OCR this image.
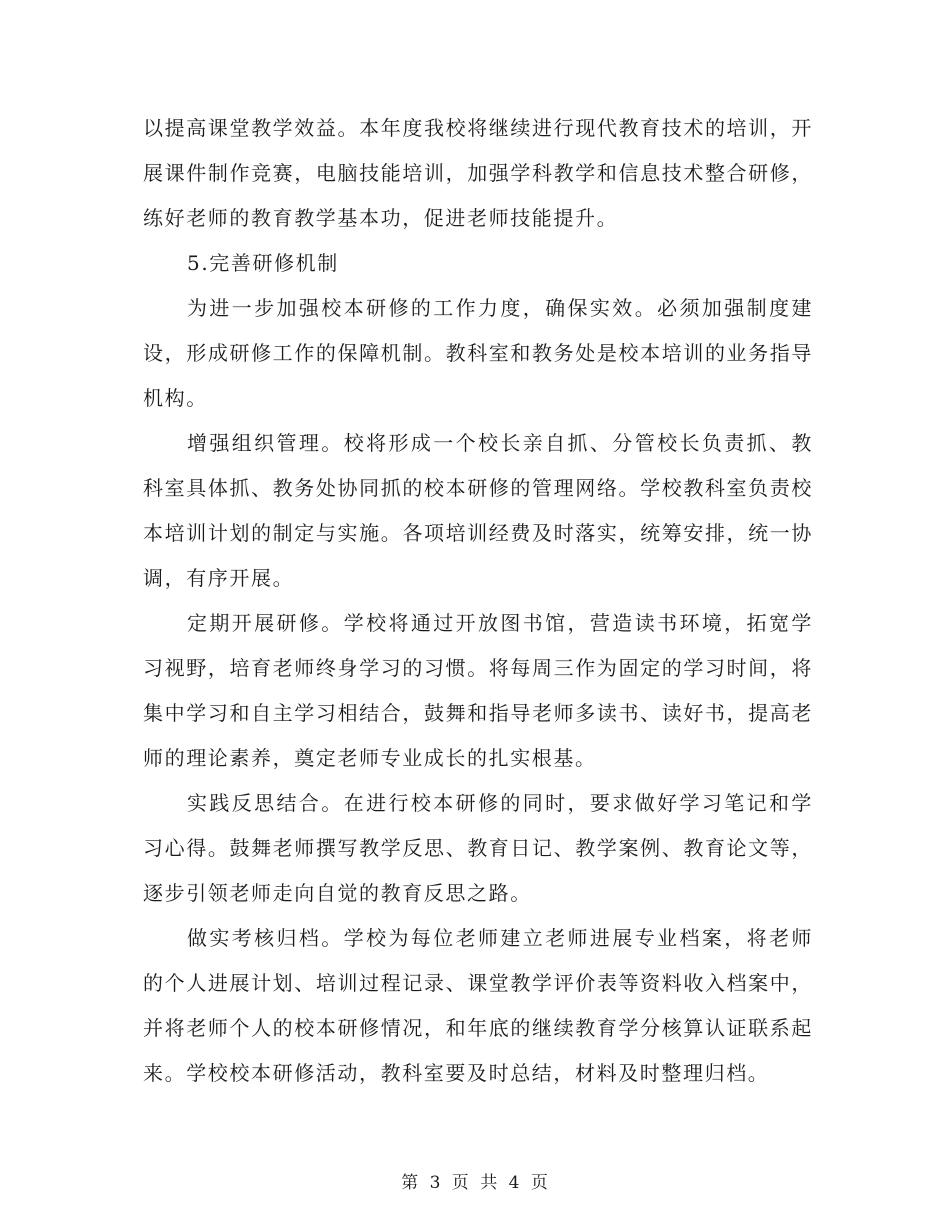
以提高课堂教学效益。本年度我校将继续进行现代教育技术的培训，开展课件制作竞赛，电脑技能培训，加强学科教学和信息技术整合研修，练好老师的教育教学基本功，促进老师技能提升。

5.完善研修机制

为进一步加强校本研修的工作力度，确保实效。必须加强制度建设，形成研修工作的保障机制。教科室和教务处是校本培训的业务指导机构。

增强组织管理。校将形成一个校长亲自抓、分管校长负责抓、教科室具体抓、教务处协同抓的校本研修的管理网络。学校教科室负责校本培训计划的制定与实施。各项培训经费及时落实，统筹安排，统一协调，有序开展。

定期开展研修。学校将通过开放图书馆，营造读书环境，拓宽学习视野，培育老师终身学习的习惯。将每周三作为固定的学习时间，将集中学习和自主学习相结合，鼓舞和指导老师多读书、读好书，提高老师的理论素养，奠定老师专业成长的扎实根基。

实践反思结合。在进行校本研修的同时，要求做好学习笔记和学习心得。鼓舞老师撰写教学反思、教育日记、教学案例、教育论文等，逐步引领老师走向自觉的教育反思之路。

做实考核归档。学校为每位老师建立老师进展专业档案，将老师的个人进展计划、培训过程记录、课堂教学评价表等资料收入档案中，并将老师个人的校本研修情况，和年底的继续教育学分核算认证联系起来。学校校本研修活动，教科室要及时总结，材料及时整理归档。

第 3 页 共 4 页
